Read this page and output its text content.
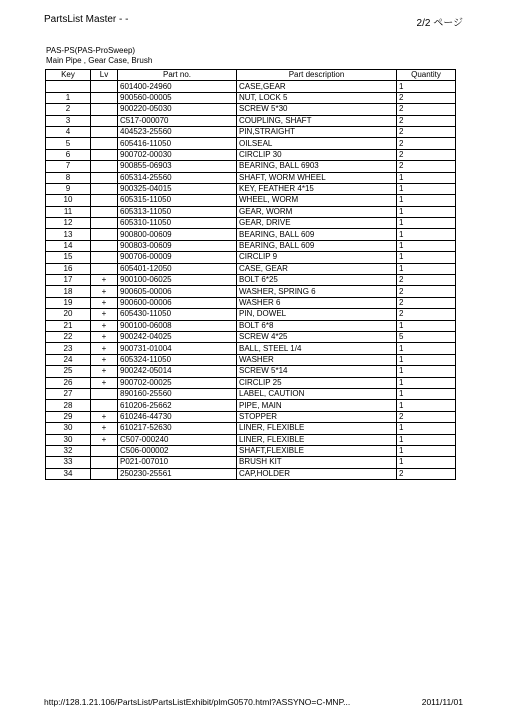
PartsList Master - -	2/2 ページ
PAS-PS(PAS-ProSweep)
Main Pipe , Gear Case, Brush
Key	Lv	Part no.	Part description	Quantity
		601400-24960	CASE,GEAR	1
1		900560-00005	NUT, LOCK 5	2
2		900220-05030	SCREW 5*30	2
3		C517-000070	COUPLING, SHAFT	2
4		404523-25560	PIN,STRAIGHT	2
5		605416-11050	OILSEAL	2
6		900702-00030	CIRCLIP 30	2
7		900855-06903	BEARING, BALL 6903	2
8		605314-25560	SHAFT, WORM WHEEL	1
9		900325-04015	KEY, FEATHER 4*15	1
10		605315-11050	WHEEL, WORM	1
11		605313-11050	GEAR, WORM	1
12		605310-11050	GEAR, DRIVE	1
13		900800-00609	BEARING, BALL 609	1
14		900803-00609	BEARING, BALL 609	1
15		900706-00009	CIRCLIP 9	1
16		605401-12050	CASE, GEAR	1
17	+	900100-06025	BOLT 6*25	2
18	+	900605-00006	WASHER, SPRING 6	2
19	+	900600-00006	WASHER 6	2
20	+	605430-11050	PIN, DOWEL	2
21	+	900100-06008	BOLT 6*8	1
22	+	900242-04025	SCREW 4*25	5
23	+	900731-01004	BALL, STEEL 1/4	1
24	+	605324-11050	WASHER	1
25	+	900242-05014	SCREW 5*14	1
26	+	900702-00025	CIRCLIP 25	1
27		890160-25560	LABEL, CAUTION	1
28		610206-25662	PIPE, MAIN	1
29	+	610246-44730	STOPPER	2
30	+	610217-52630	LINER, FLEXIBLE	1
30	+	C507-000240	LINER, FLEXIBLE	1
32		C506-000002	SHAFT,FLEXIBLE	1
33		P021-007010	BRUSH KIT	1
34		250230-25561	CAP,HOLDER	2
http://128.1.21.106/PartsList/PartsListExhibit/plmG0570.html?ASSYNO=C-MNP...	2011/11/01
